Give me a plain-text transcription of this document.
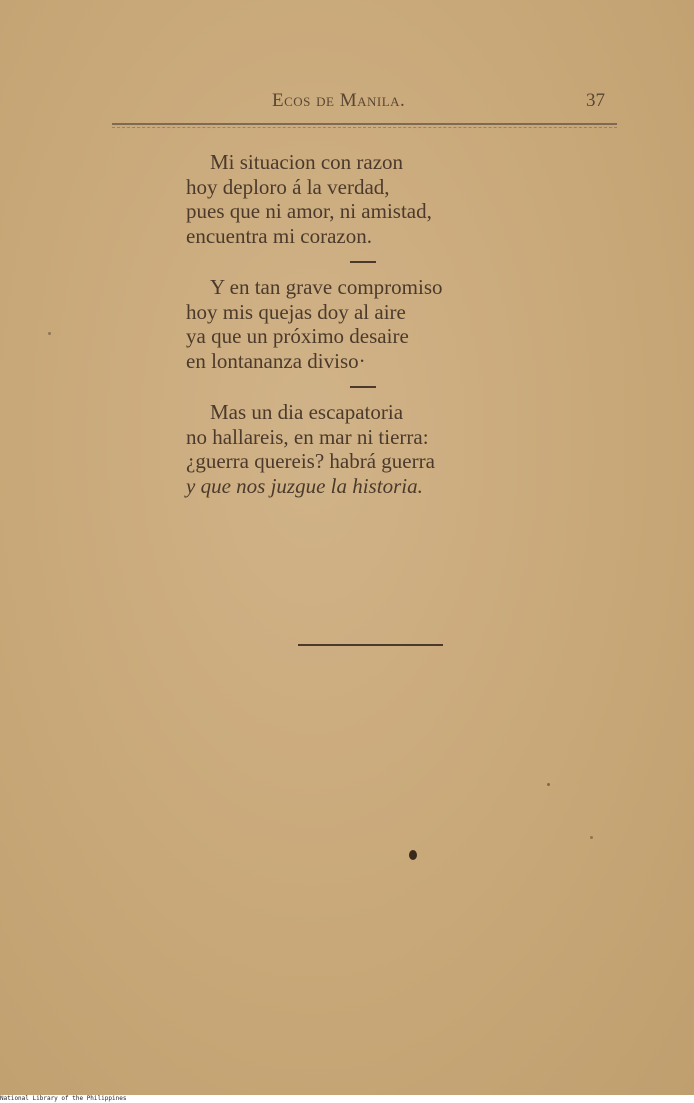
Ecos de Manila.	37
Mi situacion con razon
hoy deploro á la verdad,
pues que ni amor, ni amistad,
encuentra mi corazon.
Y en tan grave compromiso
hoy mis quejas doy al aire
ya que un próximo desaire
en lontananza diviso·
Mas un dia escapatoria
no hallareis, en mar ni tierra:
¿guerra quereis? habrá guerra
y que nos juzgue la historia.
National Library of the Philippines
